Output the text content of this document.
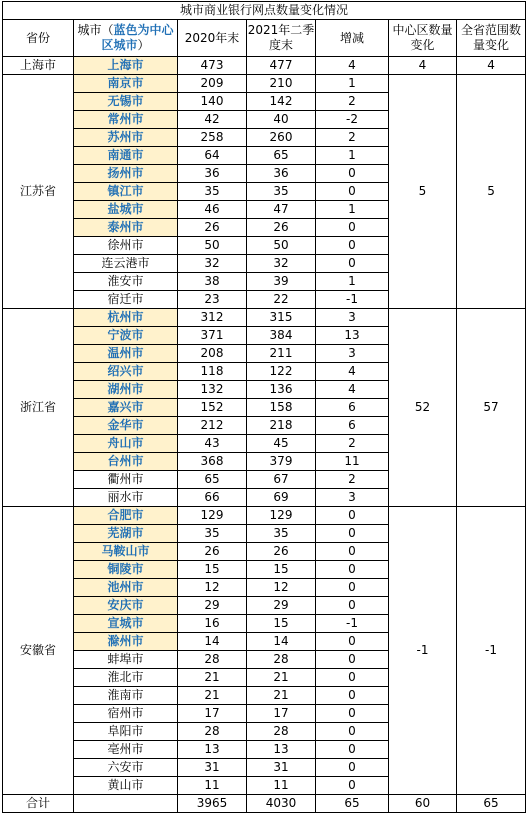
城市商业银行网点数量变化情况						
省份	城市（蓝色为中心区城市）	2020年末	2021年二季度末	增减	中心区数量变化	全省范围数量变化
上海市	上海市	473	477	4	4	4
江苏省	南京市	209	210	1	5	5
	无锡市	140	142	2		
	常州市	42	40	-2		
	苏州市	258	260	2		
	南通市	64	65	1		
	扬州市	36	36	0		
	镇江市	35	35	0		
	盐城市	46	47	1		
	泰州市	26	26	0		
	徐州市	50	50	0		
	连云港市	32	32	0		
	淮安市	38	39	1		
	宿迁市	23	22	-1		
浙江省	杭州市	312	315	3	52	57
	宁波市	371	384	13		
	温州市	208	211	3		
	绍兴市	118	122	4		
	湖州市	132	136	4		
	嘉兴市	152	158	6		
	金华市	212	218	6		
	舟山市	43	45	2		
	台州市	368	379	11		
	衢州市	65	67	2		
	丽水市	66	69	3		
安徽省	合肥市	129	129	0	-1	-1
	芜湖市	35	35	0		
	马鞍山市	26	26	0		
	铜陵市	15	15	0		
	池州市	12	12	0		
	安庆市	29	29	0		
	宣城市	16	15	-1		
	滁州市	14	14	0		
	蚌埠市	28	28	0		
	淮北市	21	21	0		
	淮南市	21	21	0		
	宿州市	17	17	0		
	阜阳市	28	28	0		
	亳州市	13	13	0		
	六安市	31	31	0		
	黄山市	11	11	0		
合计		3965	4030	65	60	65
